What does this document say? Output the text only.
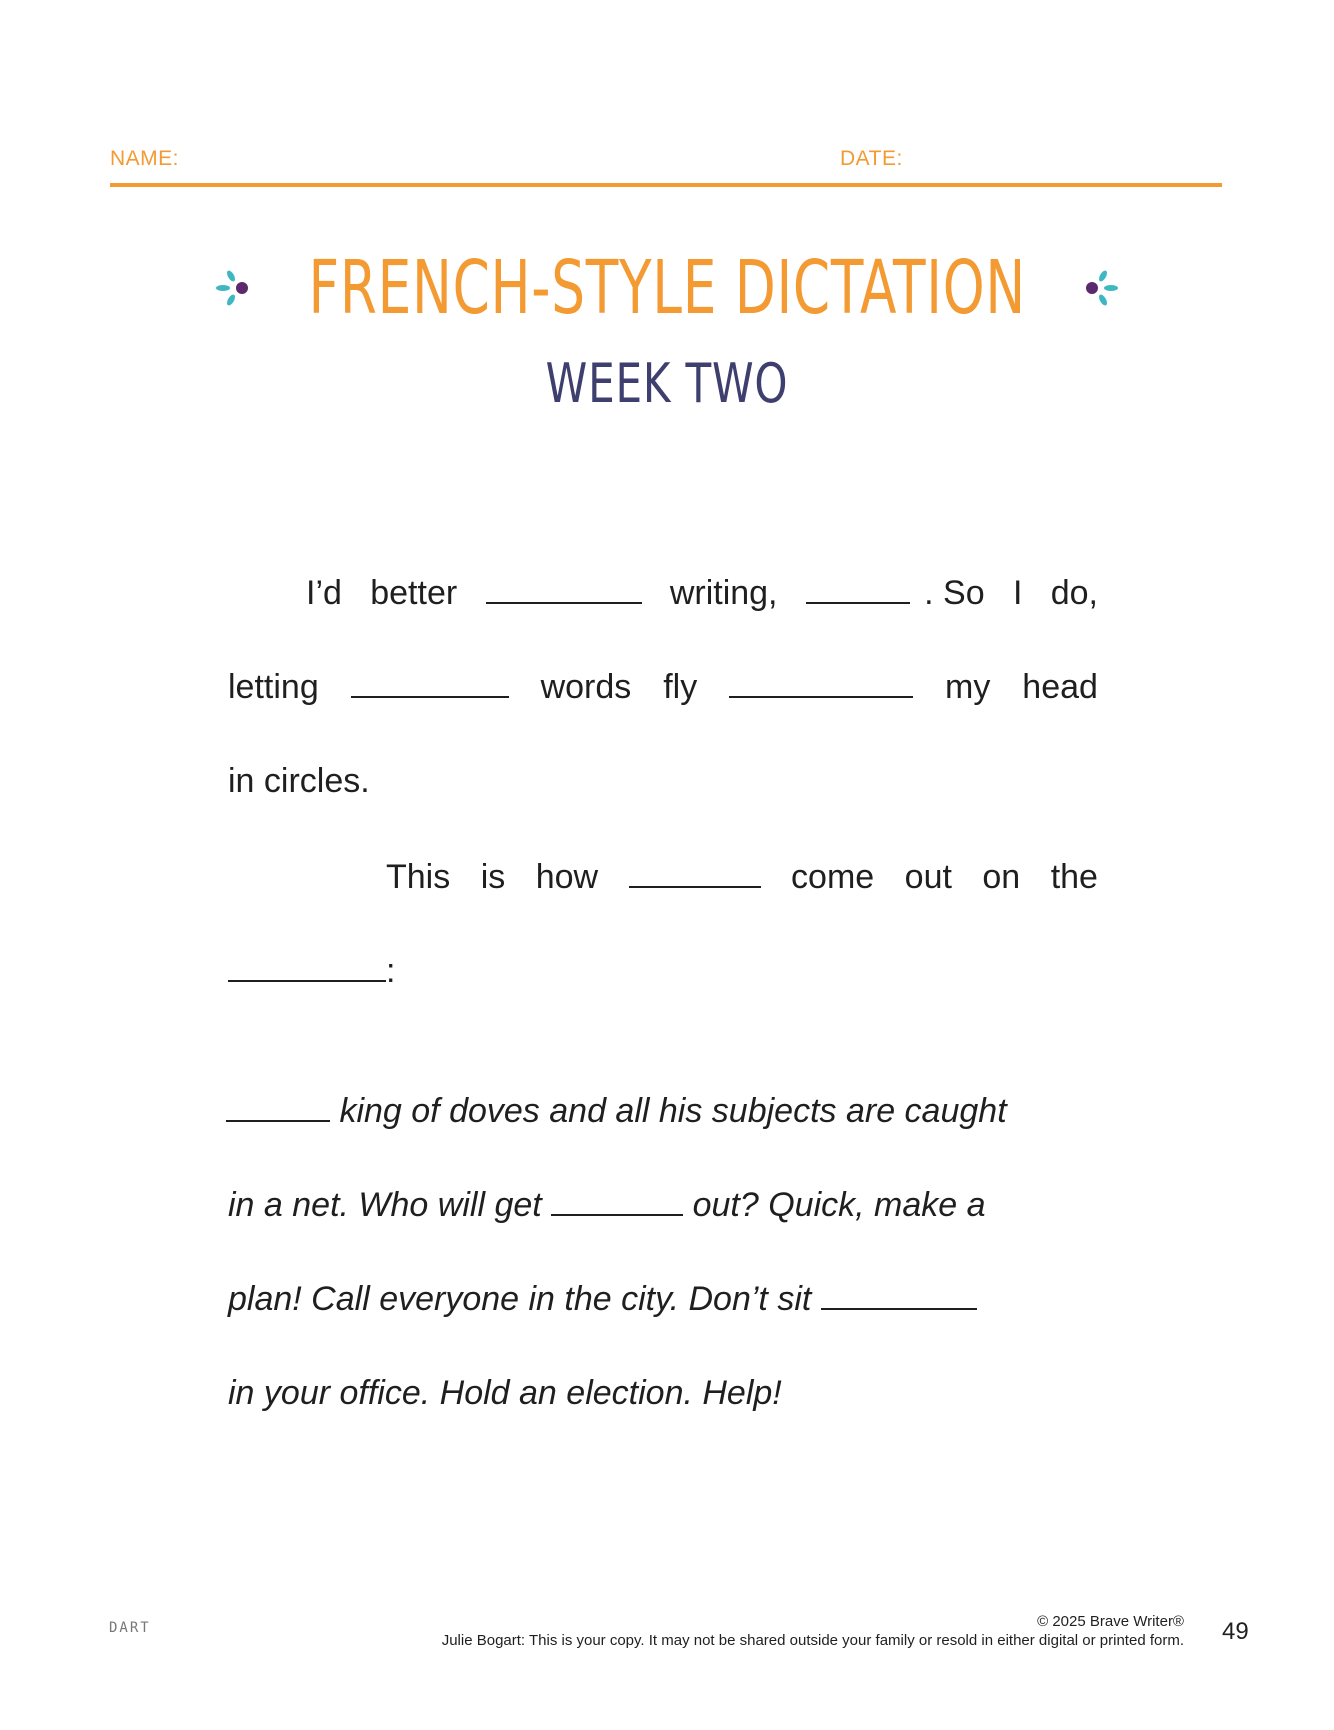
NAME:	DATE:
FRENCH-STYLE DICTATION
WEEK TWO
I’d better	writing,	. So I do,
letting	words fly	my head
in circles.
This is how	come out on the
:
king of doves and all his subjects are caught
in a net. Who will get	out? Quick, make a
plan! Call everyone in the city. Don’t sit
in your office. Hold an election. Help!
DART	© 2025 Brave Writer®
Julie Bogart: This is your copy. It may not be shared outside your family or resold in either digital or printed form. 49
